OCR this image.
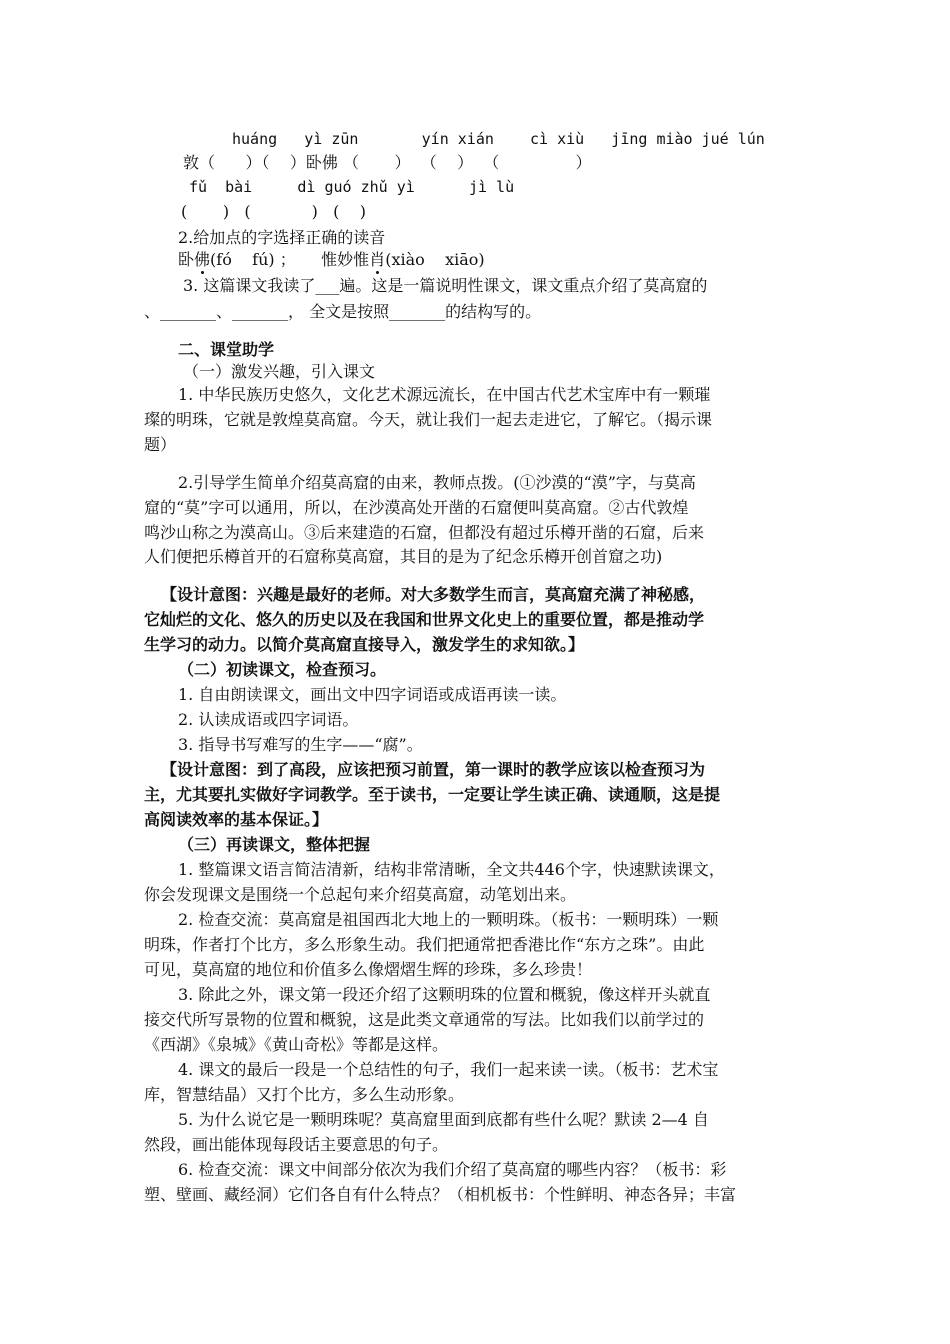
huáng   yì zūn       yín xián    cì xiù   jīng miào jué lún
敦（      ）（    ）卧佛 （       ）  （    ）  （               ）
fǔ  bài     dì guó zhǔ yì      jì lù
(       )   (            )   (    )
2.给加点的字选择正确的读音
卧佛(fó    fú) ； 惟妙惟肖(xiào    xiāo)
3. 这篇课文我读了___遍。这是一篇说明性课文，课文重点介绍了莫高窟的
、_______、_______， 全文是按照_______的结构写的。
二、课堂助学
（一）激发兴趣，引入课文
1. 中华民族历史悠久，文化艺术源远流长，在中国古代艺术宝库中有一颗璀
璨的明珠，它就是敦煌莫高窟。今天，就让我们一起去走进它，了解它。（揭示课
题）
2.引导学生简单介绍莫高窟的由来，教师点拨。(①沙漠的“漠”字，与莫高
窟的“莫”字可以通用，所以，在沙漠高处开凿的石窟便叫莫高窟。②古代敦煌
鸣沙山称之为漠高山。③后来建造的石窟，但都没有超过乐樽开凿的石窟，后来
人们便把乐樽首开的石窟称莫高窟，其目的是为了纪念乐樽开创首窟之功)
【设计意图：兴趣是最好的老师。对大多数学生而言，莫高窟充满了神秘感，
它灿烂的文化、悠久的历史以及在我国和世界文化史上的重要位置，都是推动学
生学习的动力。以简介莫高窟直接导入，激发学生的求知欲。】
（二）初读课文，检查预习。
1. 自由朗读课文，画出文中四字词语或成语再读一读。
2. 认读成语或四字词语。
3. 指导书写难写的生字——“腐”。
【设计意图：到了高段，应该把预习前置，第一课时的教学应该以检查预习为
主，尤其要扎实做好字词教学。至于读书，一定要让学生读正确、读通顺，这是提
高阅读效率的基本保证。】
（三）再读课文，整体把握
1. 整篇课文语言简洁清新，结构非常清晰，全文共446个字，快速默读课文，
你会发现课文是围绕一个总起句来介绍莫高窟，动笔划出来。
2. 检查交流：莫高窟是祖国西北大地上的一颗明珠。（板书：一颗明珠）一颗
明珠，作者打个比方，多么形象生动。我们把通常把香港比作“东方之珠”。由此
可见，莫高窟的地位和价值多么像熠熠生辉的珍珠，多么珍贵！
3. 除此之外，课文第一段还介绍了这颗明珠的位置和概貌，像这样开头就直
接交代所写景物的位置和概貌，这是此类文章通常的写法。比如我们以前学过的
《西湖》《泉城》《黄山奇松》等都是这样。
4. 课文的最后一段是一个总结性的句子，我们一起来读一读。（板书：艺术宝
库，智慧结晶）又打个比方，多么生动形象。
5. 为什么说它是一颗明珠呢？莫高窟里面到底都有些什么呢？默读 2—4 自
然段，画出能体现每段话主要意思的句子。
6. 检查交流：课文中间部分依次为我们介绍了莫高窟的哪些内容？（板书：彩
塑、壁画、藏经洞）它们各自有什么特点？（相机板书：个性鲜明、神态各异；丰富
